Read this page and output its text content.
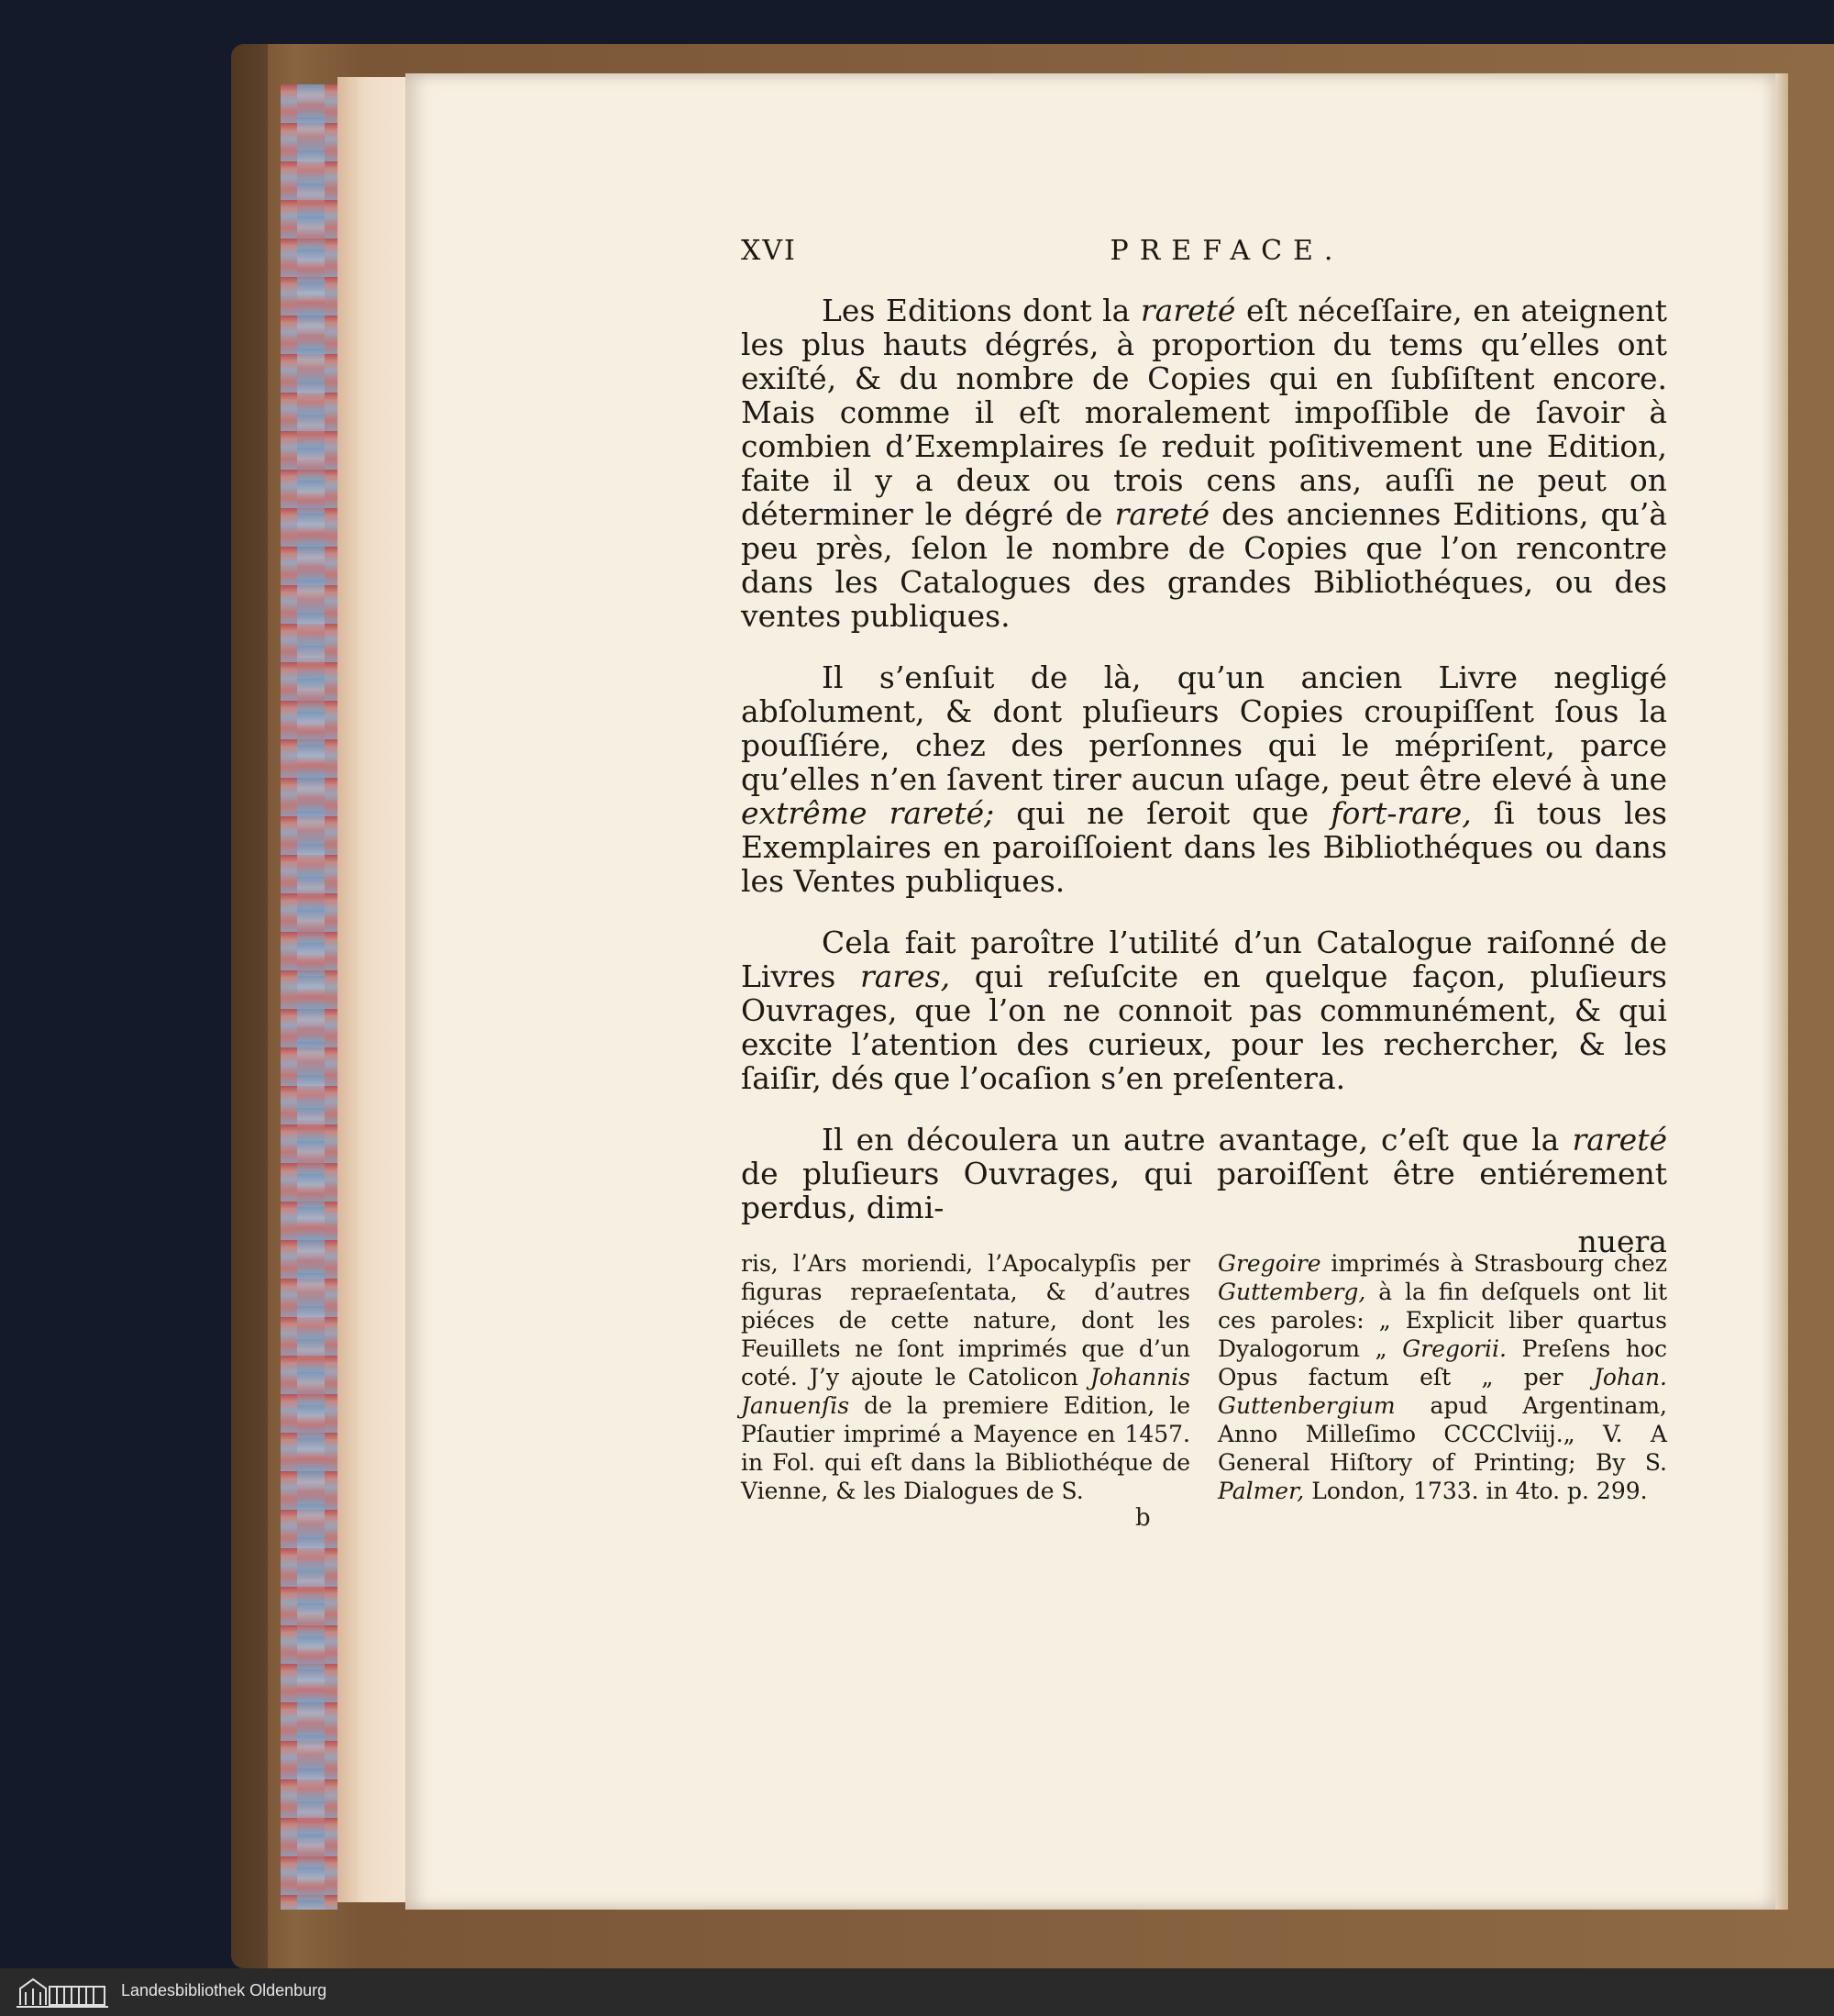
XVI	PREFACE.

Les Editions dont la rareté eſt néceſſaire, en ateignent les plus hauts dégrés, à proportion du tems qu’elles ont exiſté, & du nombre de Copies qui en ſubſiſtent encore. Mais comme il eſt moralement impoſſible de ſavoir à combien d’Exemplaires ſe reduit poſitivement une Edition, faite il y a deux ou trois cens ans, auſſi ne peut on déterminer le dégré de rareté des anciennes Editions, qu’à peu près, ſelon le nombre de Copies que l’on rencontre dans les Catalogues des grandes Bibliothéques, ou des ventes publiques.

Il s’enſuit de là, qu’un ancien Livre negligé abſolument, & dont pluſieurs Copies croupiſſent ſous la pouſſiére, chez des perſonnes qui le mépriſent, parce qu’elles n’en ſavent tirer aucun uſage, peut être elevé à une extrême rareté; qui ne ſeroit que fort-rare, ſi tous les Exemplaires en paroiſſoient dans les Bibliothéques ou dans les Ventes publiques.

Cela fait paroître l’utilité d’un Catalogue raiſonné de Livres rares, qui reſuſcite en quelque façon, pluſieurs Ouvrages, que l’on ne connoit pas communément, & qui excite l’atention des curieux, pour les rechercher, & les ſaiſir, dés que l’ocaſion s’en preſentera.

Il en découlera un autre avantage, c’eſt que la rareté de pluſieurs Ouvrages, qui paroiſſent être entiérement perdus, dimi-

nuera

ris, l’Ars moriendi, l’Apocalypſis per figuras repraeſentata, & d’autres piéces de cette nature, dont les Feuillets ne ſont imprimés que d’un coté. J’y ajoute le Catolicon Johannis Januenſis de la premiere Edition, le Pſautier imprimé a Mayence en 1457. in Fol. qui eſt dans la Bibliothéque de Vienne, & les Dialogues de S.
Gregoire imprimés à Strasbourg chez Guttemberg, à la fin deſquels ont lit ces paroles: „ Explicit liber quartus Dyalogorum „ Gregorii. Preſens hoc Opus factum eſt „ per Johan. Guttenbergium apud Argentinam, Anno Milleſimo CCCClviij.„ V. A General Hiſtory of Printing; By S. Palmer, London, 1733. in 4to. p. 299.
b
Landesbibliothek Oldenburg
